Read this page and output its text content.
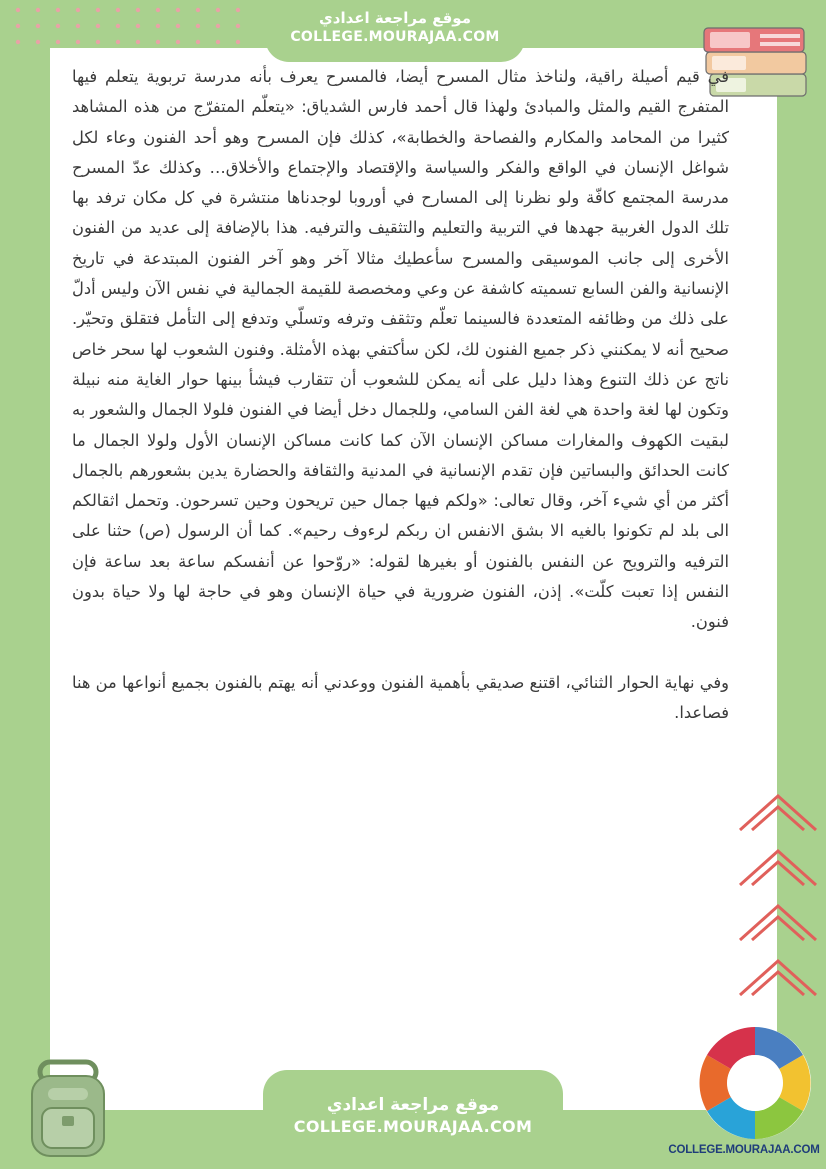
موقع مراجعة اعدادي
COLLEGE.MOURAJAA.COM

في قيم أصيلة راقية، ولناخذ مثال المسرح أيضا، فالمسرح يعرف بأنه مدرسة تربوية يتعلم فيها المتفرج القيم والمثل والمبادئ ولهذا قال أحمد فارس الشدياق: «يتعلّم المتفرّج من هذه المشاهد كثيرا من المحامد والمكارم والفصاحة والخطابة»، كذلك فإن المسرح وهو أحد الفنون وعاء لكل شواغل الإنسان في الواقع والفكر والسياسة والإقتصاد والإجتماع والأخلاق… وكذلك عدّ المسرح مدرسة المجتمع كافّة ولو نظرنا إلى المسارح في أوروبا لوجدناها منتشرة في كل مكان ترفد بها تلك الدول الغربية جهدها في التربية والتعليم والتثقيف والترفيه. هذا بالإضافة إلى عديد من الفنون الأخرى إلى جانب الموسيقى والمسرح سأعطيك مثالا آخر وهو آخر الفنون المبتدعة في تاريخ الإنسانية والفن السابع تسميته كاشفة عن وعي ومخصصة للقيمة الجمالية في نفس الآن وليس أدلّ على ذلك من وظائفه المتعددة فالسينما تعلّم وتثقف وترفه وتسلّي وتدفع إلى التأمل فتقلق وتحيّر. صحيح أنه لا يمكنني ذكر جميع الفنون لك، لكن سأكتفي بهذه الأمثلة. وفنون الشعوب لها سحر خاص ناتج عن ذلك التنوع وهذا دليل على أنه يمكن للشعوب أن تتقارب فيشأ بينها حوار الغاية منه نبيلة وتكون لها لغة واحدة هي لغة الفن السامي، وللجمال دخل أيضا في الفنون فلولا الجمال والشعور به لبقيت الكهوف والمغارات مساكن الإنسان الآن كما كانت مساكن الإنسان الأول ولولا الجمال ما كانت الحدائق والبساتين فإن تقدم الإنسانية في المدنية والثقافة والحضارة يدين بشعورهم بالجمال أكثر من أي شيء آخر، وقال تعالى: «ولكم فيها جمال حين تريحون وحين تسرحون. وتحمل اثقالكم الى بلد لم تكونوا بالغيه الا بشق الانفس ان ربكم لرءوف رحيم». كما أن الرسول (ص) حثنا على الترفيه والترويح عن النفس بالفنون أو بغيرها لقوله: «روّحوا عن أنفسكم ساعة بعد ساعة فإن النفس إذا تعبت كلّت». إذن، الفنون ضرورية في حياة الإنسان وهو في حاجة لها ولا حياة بدون فنون.

وفي نهاية الحوار الثنائي، اقتنع صديقي بأهمية الفنون ووعدني أنه يهتم بالفنون بجميع أنواعها من هنا فصاعدا.

موقع مراجعة اعدادي
COLLEGE.MOURAJAA.COM
COLLEGE.MOURAJAA.COM
